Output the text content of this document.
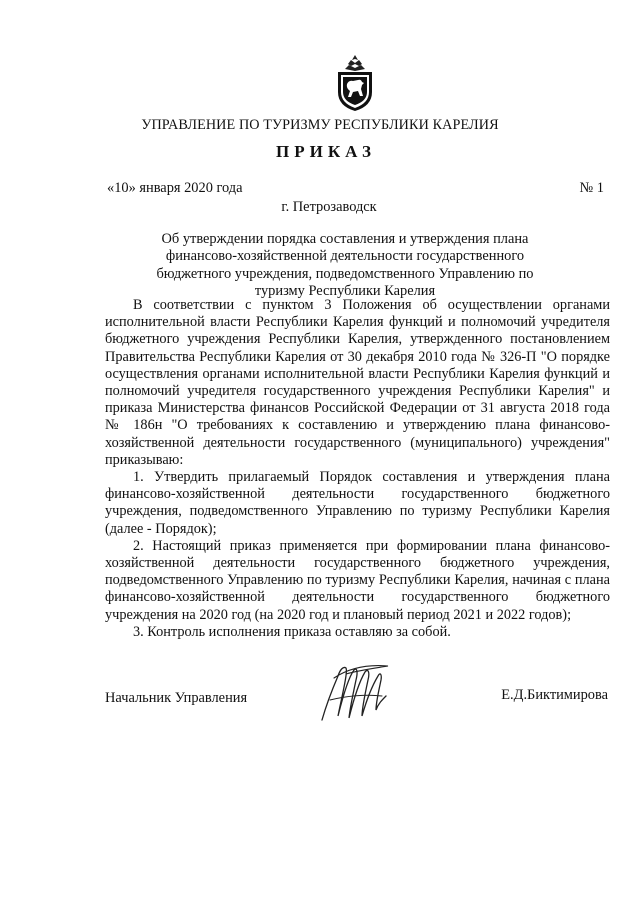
УПРАВЛЕНИЕ ПО ТУРИЗМУ РЕСПУБЛИКИ КАРЕЛИЯ
ПРИКАЗ
«10» января 2020 года	№ 1
г. Петрозаводск
Об утверждении порядка составления и утверждения плана финансово-хозяйственной деятельности государственного бюджетного учреждения, подведомственного Управлению по туризму Республики Карелия

В соответствии с пунктом 3 Положения об осуществлении органами исполнительной власти Республики Карелия функций и полномочий учредителя бюджетного учреждения Республики Карелия, утвержденного постановлением Правительства Республики Карелия от 30 декабря 2010 года № 326-П "О порядке осуществления органами исполнительной власти Республики Карелия функций и полномочий учредителя государственного учреждения Республики Карелия" и приказа Министерства финансов Российской Федерации от 31 августа 2018 года № 186н "О требованиях к составлению и утверждению плана финансово-хозяйственной деятельности государственного (муниципального) учреждения" приказываю:

1. Утвердить прилагаемый Порядок составления и утверждения плана финансово-хозяйственной деятельности государственного бюджетного учреждения, подведомственного Управлению по туризму Республики Карелия (далее - Порядок);

2. Настоящий приказ применяется при формировании плана финансово-хозяйственной деятельности государственного бюджетного учреждения, подведомственного Управлению по туризму Республики Карелия, начиная с плана финансово-хозяйственной деятельности государственного бюджетного учреждения на 2020 год (на 2020 год и плановый период 2021 и 2022 годов);

3. Контроль исполнения приказа оставляю за собой.

Начальник Управления	Е.Д.Биктимирова
